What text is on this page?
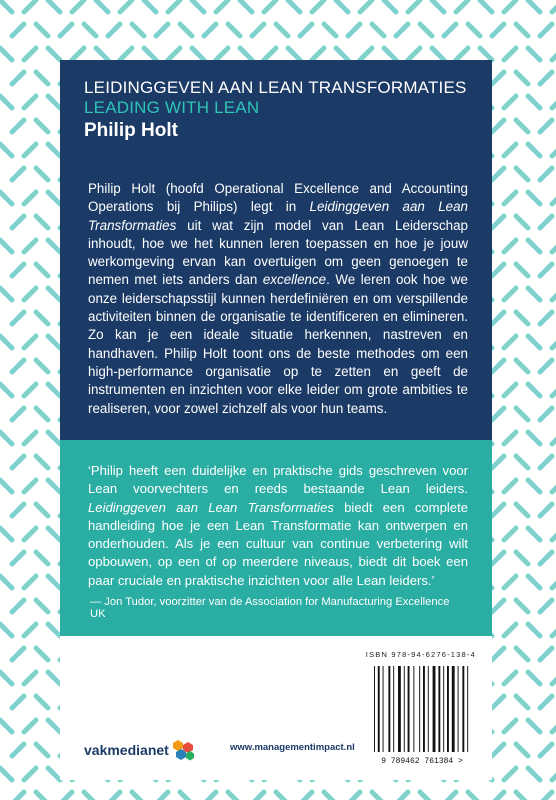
LEIDINGGEVEN AAN LEAN TRANSFORMATIES
LEADING WITH LEAN
Philip Holt

Philip Holt (hoofd Operational Excellence and Accounting Operations bij Philips) legt in Leidinggeven aan Lean Transformaties uit wat zijn model van Lean Leiderschap inhoudt, hoe we het kunnen leren toepassen en hoe je jouw werkomgeving ervan kan overtuigen om geen genoegen te nemen met iets anders dan excellence. We leren ook hoe we onze leiderschapsstijl kunnen herdefiniëren en om verspillende activiteiten binnen de organisatie te identificeren en elimineren. Zo kan je een ideale situatie herkennen, nastreven en handhaven. Philip Holt toont ons de beste methodes om een high-performance organisatie op te zetten en geeft de instrumenten en inzichten voor elke leider om grote ambities te realiseren, voor zowel zichzelf als voor hun teams.

‘Philip heeft een duidelijke en praktische gids geschreven voor Lean voorvechters en reeds bestaande Lean leiders. Leidinggeven aan Lean Transformaties biedt een complete handleiding hoe je een Lean Transformatie kan ontwerpen en onderhouden. Als je een cultuur van continue verbetering wilt opbouwen, op een of op meerdere niveaus, biedt dit boek een paar cruciale en praktische inzichten voor alle Lean leiders.’

— Jon Tudor, voorzitter van de Association for Manufacturing Excellence UK
ISBN 978-94-6276-138-4
9 789462 761384 >
vakmedianet	www.managementimpact.nl
